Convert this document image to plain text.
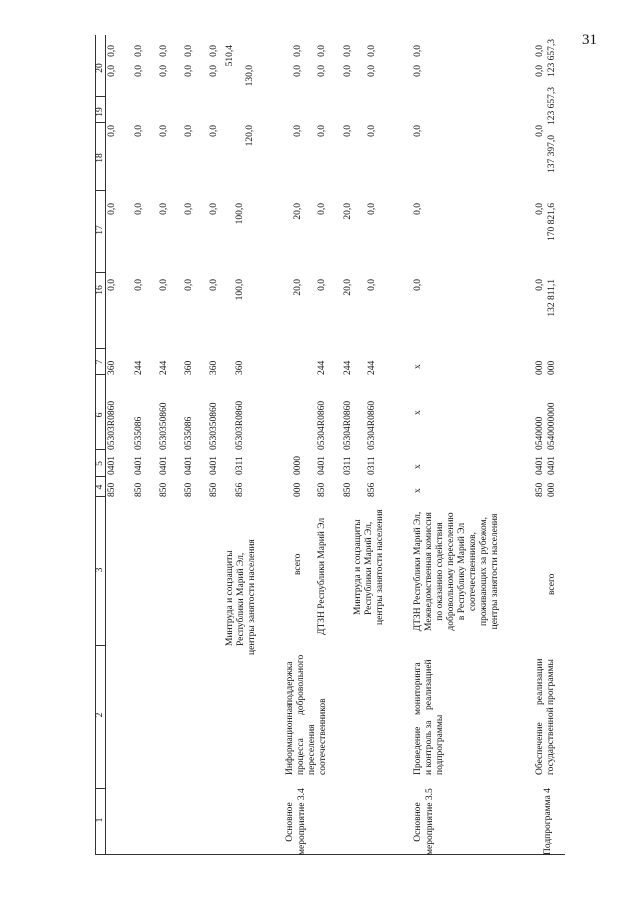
31
1
2
3
4
5
6
7
16
17
18
19
20
850
0401
05303R0860
360
0,0
0,0
0,0
0,0
0,0
850
0401
0535086
244
0,0
0,0
0,0
0,0
0,0
850
0401
0530350860
244
0,0
0,0
0,0
0,0
0,0
850
0401
0535086
360
0,0
0,0
0,0
0,0
0,0
850
0401
0530350860
360
0,0
0,0
0,0
0,0
0,0
Минтруда и соцзащиты Республики Марий Эл, центры занятости населения
856
0311
05303R0860
360
100,0
100,0
120,0
130,0
510,4
Основное мероприятие 3.4
Информационная
поддержка
процесса
добровольного
переселения соотечественников
всего
000
0000
20,0
20,0
0,0
0,0
0,0
ДТЗН Республики Марий Эл
850
0401
05304R0860
244
0,0
0,0
0,0
0,0
0,0
850
0311
05304R0860
244
20,0
20,0
0,0
0,0
0,0
Минтруда и соцзащиты Республики Марий Эл, центры занятости населения
856
0311
05304R0860
244
0,0
0,0
0,0
0,0
0,0
Основное мероприятие 3.5
Проведение
мониторинга
и контроль за
реализацией
подпрограммы
ДТЗН Республики Марий Эл, Межведомственная комиссия по оказанию содействия добровольному переселению в Республику Марий Эл соотечественников, проживающих за рубежом, центры занятости населения
x
x
x
x
0,0
0,0
0,0
0,0
0,0
Подпрограмма 4
Обеспечение
реализации
государственной
программы
850
0401
0540000
000
0,0
0,0
0,0
0,0
0,0
всего
000
0401
0540000000
000
132 811,1
170 821,6
137 397,0
123 657,3
123 657,3
